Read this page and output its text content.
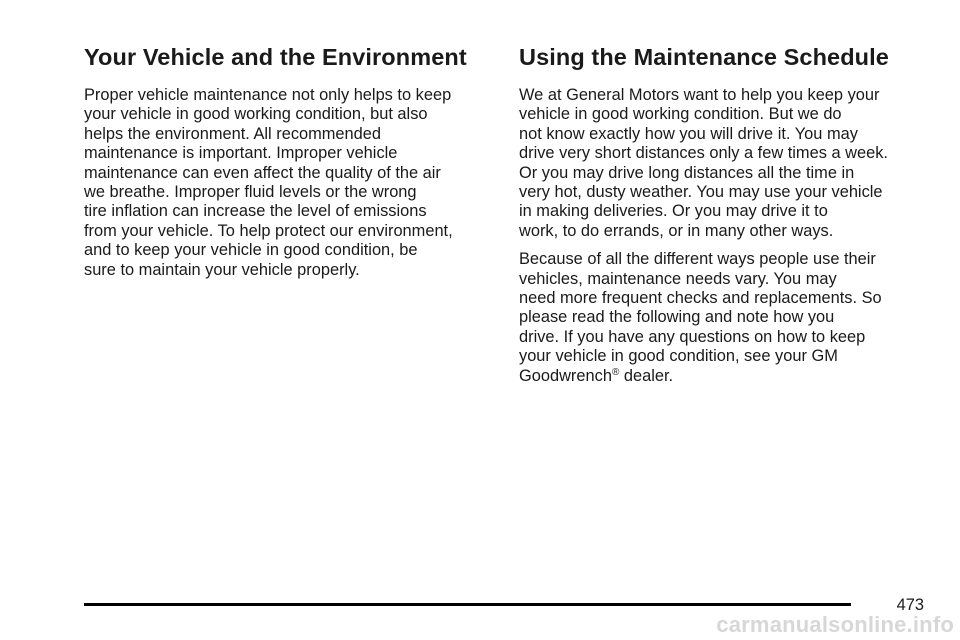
Your Vehicle and the Environment

Proper vehicle maintenance not only helps to keep
your vehicle in good working condition, but also
helps the environment. All recommended
maintenance is important. Improper vehicle
maintenance can even affect the quality of the air
we breathe. Improper fluid levels or the wrong
tire inflation can increase the level of emissions
from your vehicle. To help protect our environment,
and to keep your vehicle in good condition, be
sure to maintain your vehicle properly.

Using the Maintenance Schedule

We at General Motors want to help you keep your
vehicle in good working condition. But we do
not know exactly how you will drive it. You may
drive very short distances only a few times a week.
Or you may drive long distances all the time in
very hot, dusty weather. You may use your vehicle
in making deliveries. Or you may drive it to
work, to do errands, or in many other ways.

Because of all the different ways people use their
vehicles, maintenance needs vary. You may
need more frequent checks and replacements. So
please read the following and note how you
drive. If you have any questions on how to keep
your vehicle in good condition, see your GM
Goodwrench® dealer.

473
carmanualsonline.info
